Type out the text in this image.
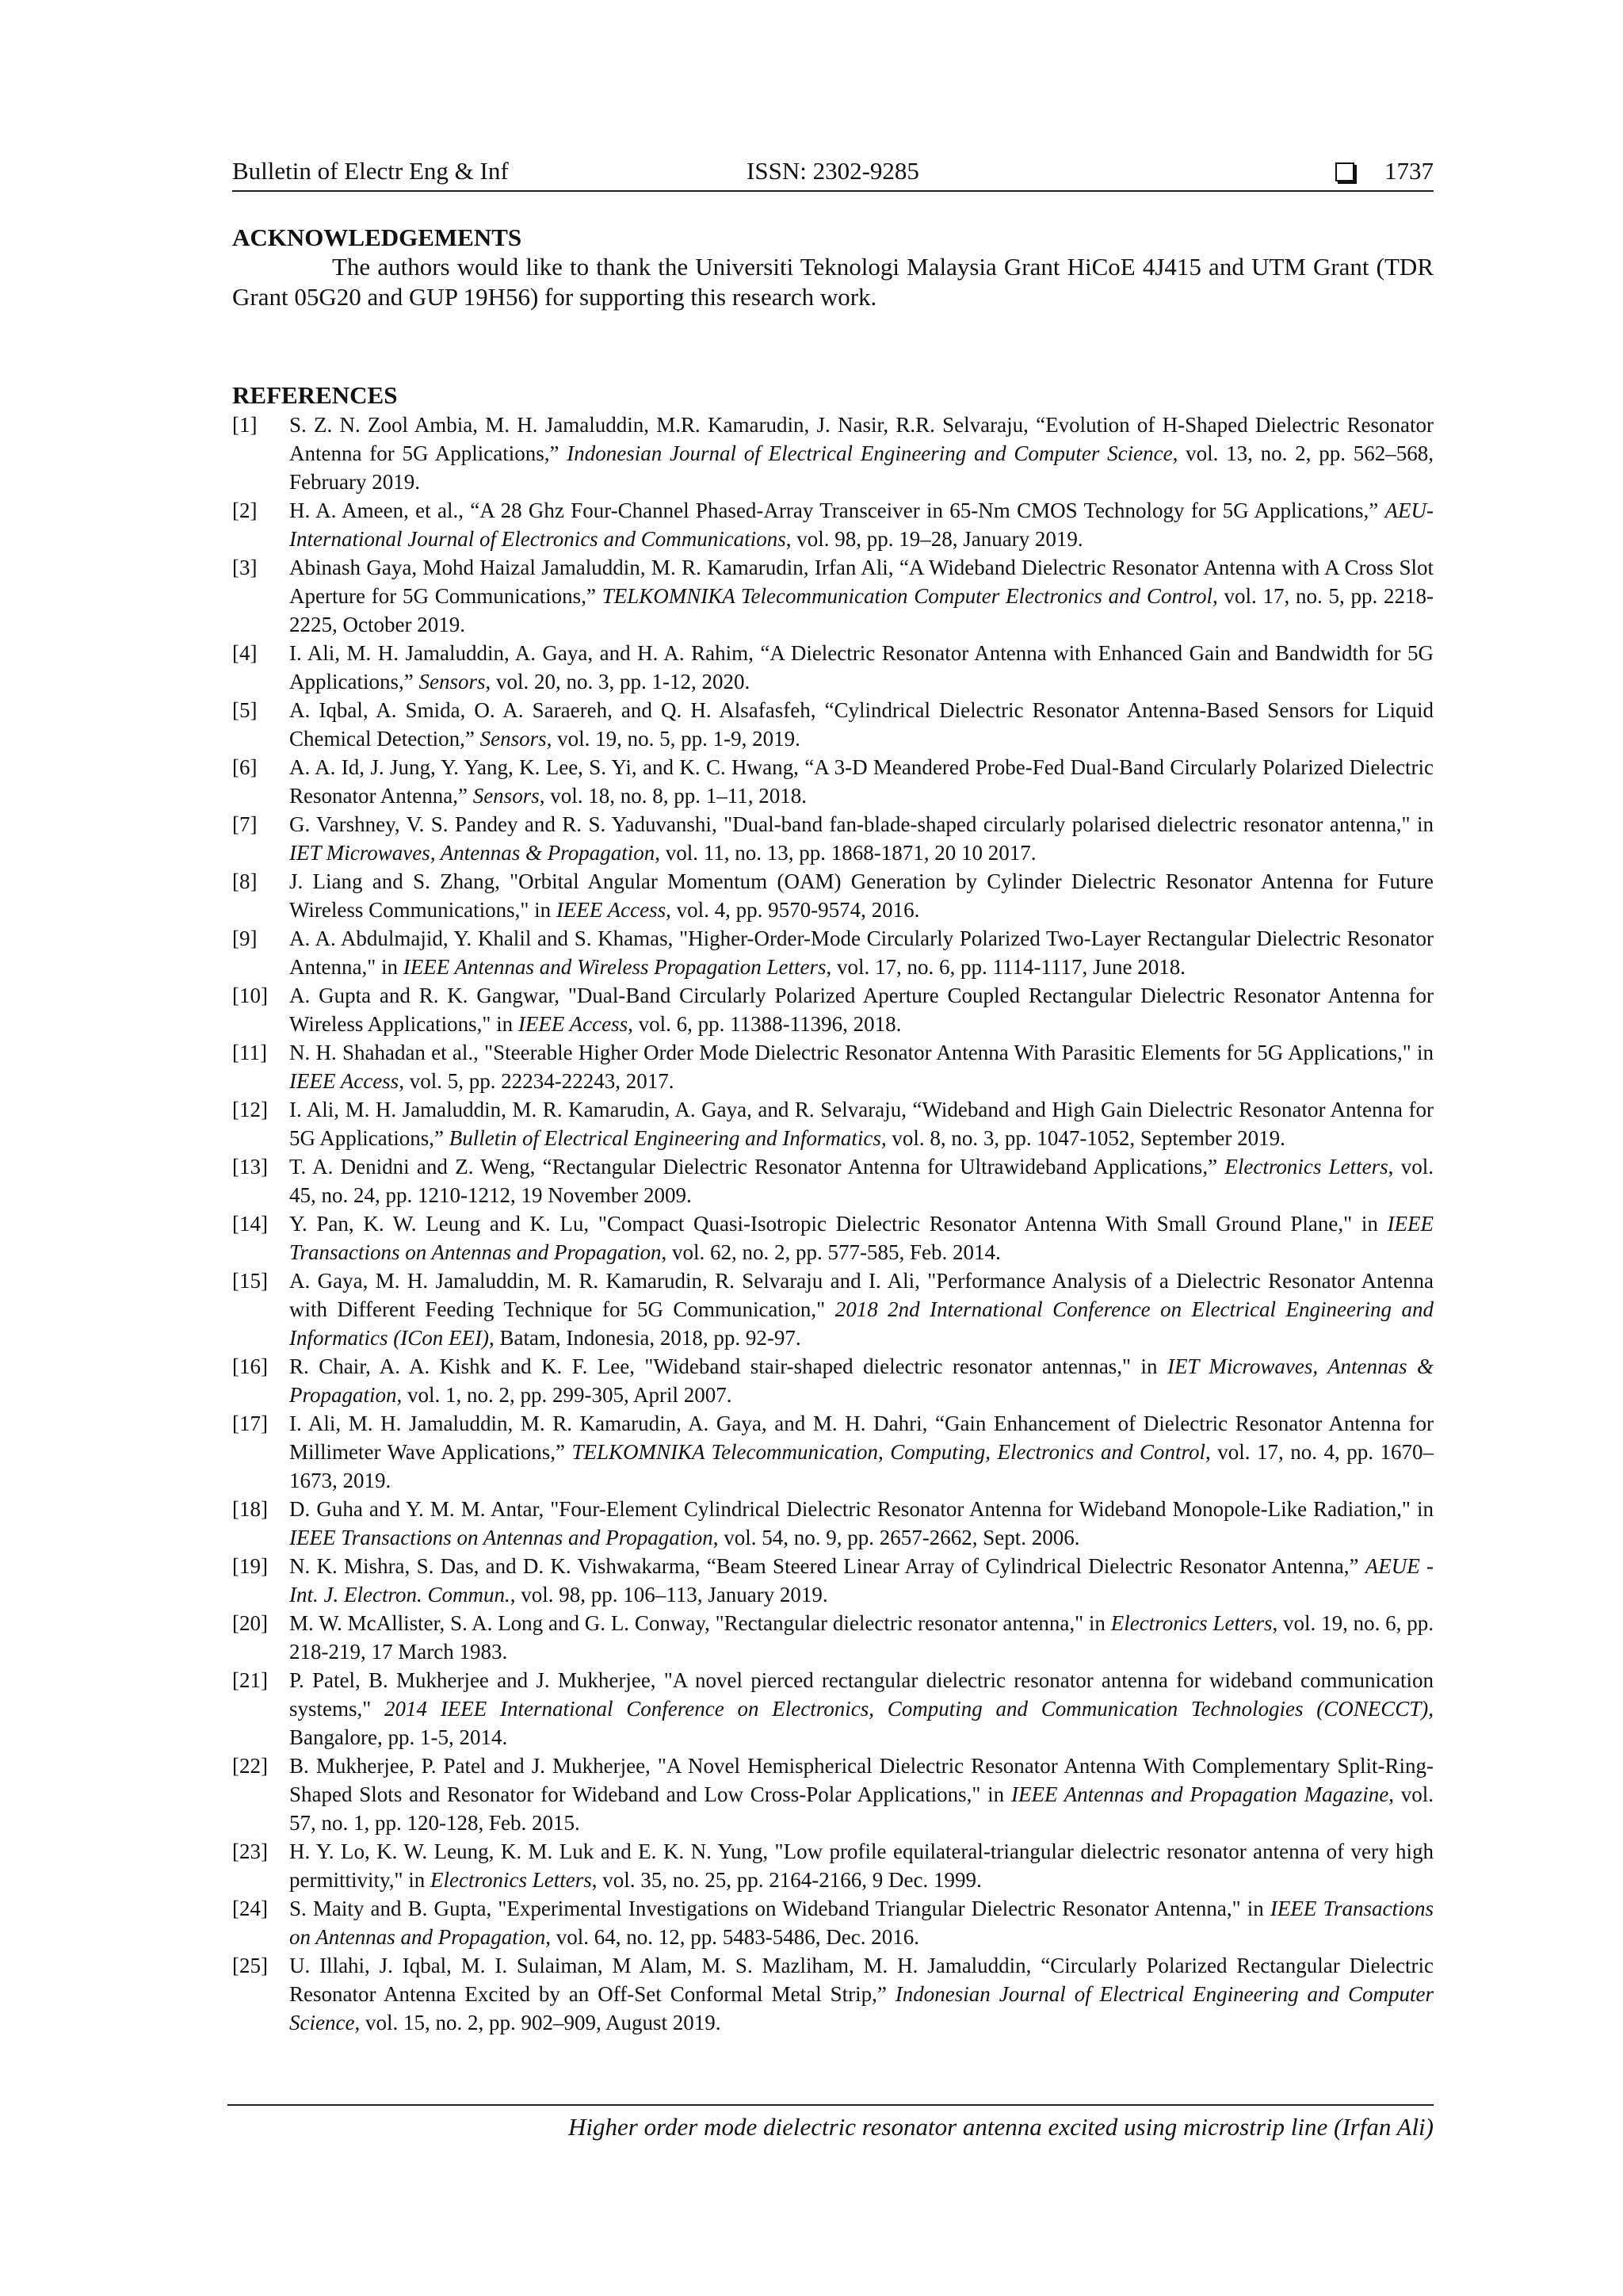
Bulletin of Electr Eng & Inf	ISSN: 2302-9285	1737
ACKNOWLEDGEMENTS

The authors would like to thank the Universiti Teknologi Malaysia Grant HiCoE 4J415 and UTM Grant (TDR Grant 05G20 and GUP 19H56) for supporting this research work.

REFERENCES
[1] S. Z. N. Zool Ambia, M. H. Jamaluddin, M.R. Kamarudin, J. Nasir, R.R. Selvaraju, “Evolution of H-Shaped Dielectric Resonator Antenna for 5G Applications,” Indonesian Journal of Electrical Engineering and Computer Science, vol. 13, no. 2, pp. 562–568, February 2019.
[2] H. A. Ameen, et al., “A 28 Ghz Four-Channel Phased-Array Transceiver in 65-Nm CMOS Technology for 5G Applications,” AEU-International Journal of Electronics and Communications, vol. 98, pp. 19–28, January 2019.
[3] Abinash Gaya, Mohd Haizal Jamaluddin, M. R. Kamarudin, Irfan Ali, “A Wideband Dielectric Resonator Antenna with A Cross Slot Aperture for 5G Communications,” TELKOMNIKA Telecommunication Computer Electronics and Control, vol. 17, no. 5, pp. 2218-2225, October 2019.
[4] I. Ali, M. H. Jamaluddin, A. Gaya, and H. A. Rahim, “A Dielectric Resonator Antenna with Enhanced Gain and Bandwidth for 5G Applications,” Sensors, vol. 20, no. 3, pp. 1-12, 2020.
[5] A. Iqbal, A. Smida, O. A. Saraereh, and Q. H. Alsafasfeh, “Cylindrical Dielectric Resonator Antenna-Based Sensors for Liquid Chemical Detection,” Sensors, vol. 19, no. 5, pp. 1-9, 2019.
[6] A. A. Id, J. Jung, Y. Yang, K. Lee, S. Yi, and K. C. Hwang, “A 3-D Meandered Probe-Fed Dual-Band Circularly Polarized Dielectric Resonator Antenna,” Sensors, vol. 18, no. 8, pp. 1–11, 2018.
[7] G. Varshney, V. S. Pandey and R. S. Yaduvanshi, "Dual-band fan-blade-shaped circularly polarised dielectric resonator antenna," in IET Microwaves, Antennas & Propagation, vol. 11, no. 13, pp. 1868-1871, 20 10 2017.
[8] J. Liang and S. Zhang, "Orbital Angular Momentum (OAM) Generation by Cylinder Dielectric Resonator Antenna for Future Wireless Communications," in IEEE Access, vol. 4, pp. 9570-9574, 2016.
[9] A. A. Abdulmajid, Y. Khalil and S. Khamas, "Higher-Order-Mode Circularly Polarized Two-Layer Rectangular Dielectric Resonator Antenna," in IEEE Antennas and Wireless Propagation Letters, vol. 17, no. 6, pp. 1114-1117, June 2018.
[10] A. Gupta and R. K. Gangwar, "Dual-Band Circularly Polarized Aperture Coupled Rectangular Dielectric Resonator Antenna for Wireless Applications," in IEEE Access, vol. 6, pp. 11388-11396, 2018.
[11] N. H. Shahadan et al., "Steerable Higher Order Mode Dielectric Resonator Antenna With Parasitic Elements for 5G Applications," in IEEE Access, vol. 5, pp. 22234-22243, 2017.
[12] I. Ali, M. H. Jamaluddin, M. R. Kamarudin, A. Gaya, and R. Selvaraju, “Wideband and High Gain Dielectric Resonator Antenna for 5G Applications,” Bulletin of Electrical Engineering and Informatics, vol. 8, no. 3, pp. 1047-1052, September 2019.
[13] T. A. Denidni and Z. Weng, “Rectangular Dielectric Resonator Antenna for Ultrawideband Applications,” Electronics Letters, vol. 45, no. 24, pp. 1210-1212, 19 November 2009.
[14] Y. Pan, K. W. Leung and K. Lu, "Compact Quasi-Isotropic Dielectric Resonator Antenna With Small Ground Plane," in IEEE Transactions on Antennas and Propagation, vol. 62, no. 2, pp. 577-585, Feb. 2014.
[15] A. Gaya, M. H. Jamaluddin, M. R. Kamarudin, R. Selvaraju and I. Ali, "Performance Analysis of a Dielectric Resonator Antenna with Different Feeding Technique for 5G Communication," 2018 2nd International Conference on Electrical Engineering and Informatics (ICon EEI), Batam, Indonesia, 2018, pp. 92-97.
[16] R. Chair, A. A. Kishk and K. F. Lee, "Wideband stair-shaped dielectric resonator antennas," in IET Microwaves, Antennas & Propagation, vol. 1, no. 2, pp. 299-305, April 2007.
[17] I. Ali, M. H. Jamaluddin, M. R. Kamarudin, A. Gaya, and M. H. Dahri, “Gain Enhancement of Dielectric Resonator Antenna for Millimeter Wave Applications,” TELKOMNIKA Telecommunication, Computing, Electronics and Control, vol. 17, no. 4, pp. 1670–1673, 2019.
[18] D. Guha and Y. M. M. Antar, "Four-Element Cylindrical Dielectric Resonator Antenna for Wideband Monopole-Like Radiation," in IEEE Transactions on Antennas and Propagation, vol. 54, no. 9, pp. 2657-2662, Sept. 2006.
[19] N. K. Mishra, S. Das, and D. K. Vishwakarma, “Beam Steered Linear Array of Cylindrical Dielectric Resonator Antenna,” AEUE - Int. J. Electron. Commun., vol. 98, pp. 106–113, January 2019.
[20] M. W. McAllister, S. A. Long and G. L. Conway, "Rectangular dielectric resonator antenna," in Electronics Letters, vol. 19, no. 6, pp. 218-219, 17 March 1983.
[21] P. Patel, B. Mukherjee and J. Mukherjee, "A novel pierced rectangular dielectric resonator antenna for wideband communication systems," 2014 IEEE International Conference on Electronics, Computing and Communication Technologies (CONECCT), Bangalore, pp. 1-5, 2014.
[22] B. Mukherjee, P. Patel and J. Mukherjee, "A Novel Hemispherical Dielectric Resonator Antenna With Complementary Split-Ring-Shaped Slots and Resonator for Wideband and Low Cross-Polar Applications," in IEEE Antennas and Propagation Magazine, vol. 57, no. 1, pp. 120-128, Feb. 2015.
[23] H. Y. Lo, K. W. Leung, K. M. Luk and E. K. N. Yung, "Low profile equilateral-triangular dielectric resonator antenna of very high permittivity," in Electronics Letters, vol. 35, no. 25, pp. 2164-2166, 9 Dec. 1999.
[24] S. Maity and B. Gupta, "Experimental Investigations on Wideband Triangular Dielectric Resonator Antenna," in IEEE Transactions on Antennas and Propagation, vol. 64, no. 12, pp. 5483-5486, Dec. 2016.
[25] U. Illahi, J. Iqbal, M. I. Sulaiman, M Alam, M. S. Mazliham, M. H. Jamaluddin, “Circularly Polarized Rectangular Dielectric Resonator Antenna Excited by an Off-Set Conformal Metal Strip,” Indonesian Journal of Electrical Engineering and Computer Science, vol. 15, no. 2, pp. 902–909, August 2019.
Higher order mode dielectric resonator antenna excited using microstrip line (Irfan Ali)
